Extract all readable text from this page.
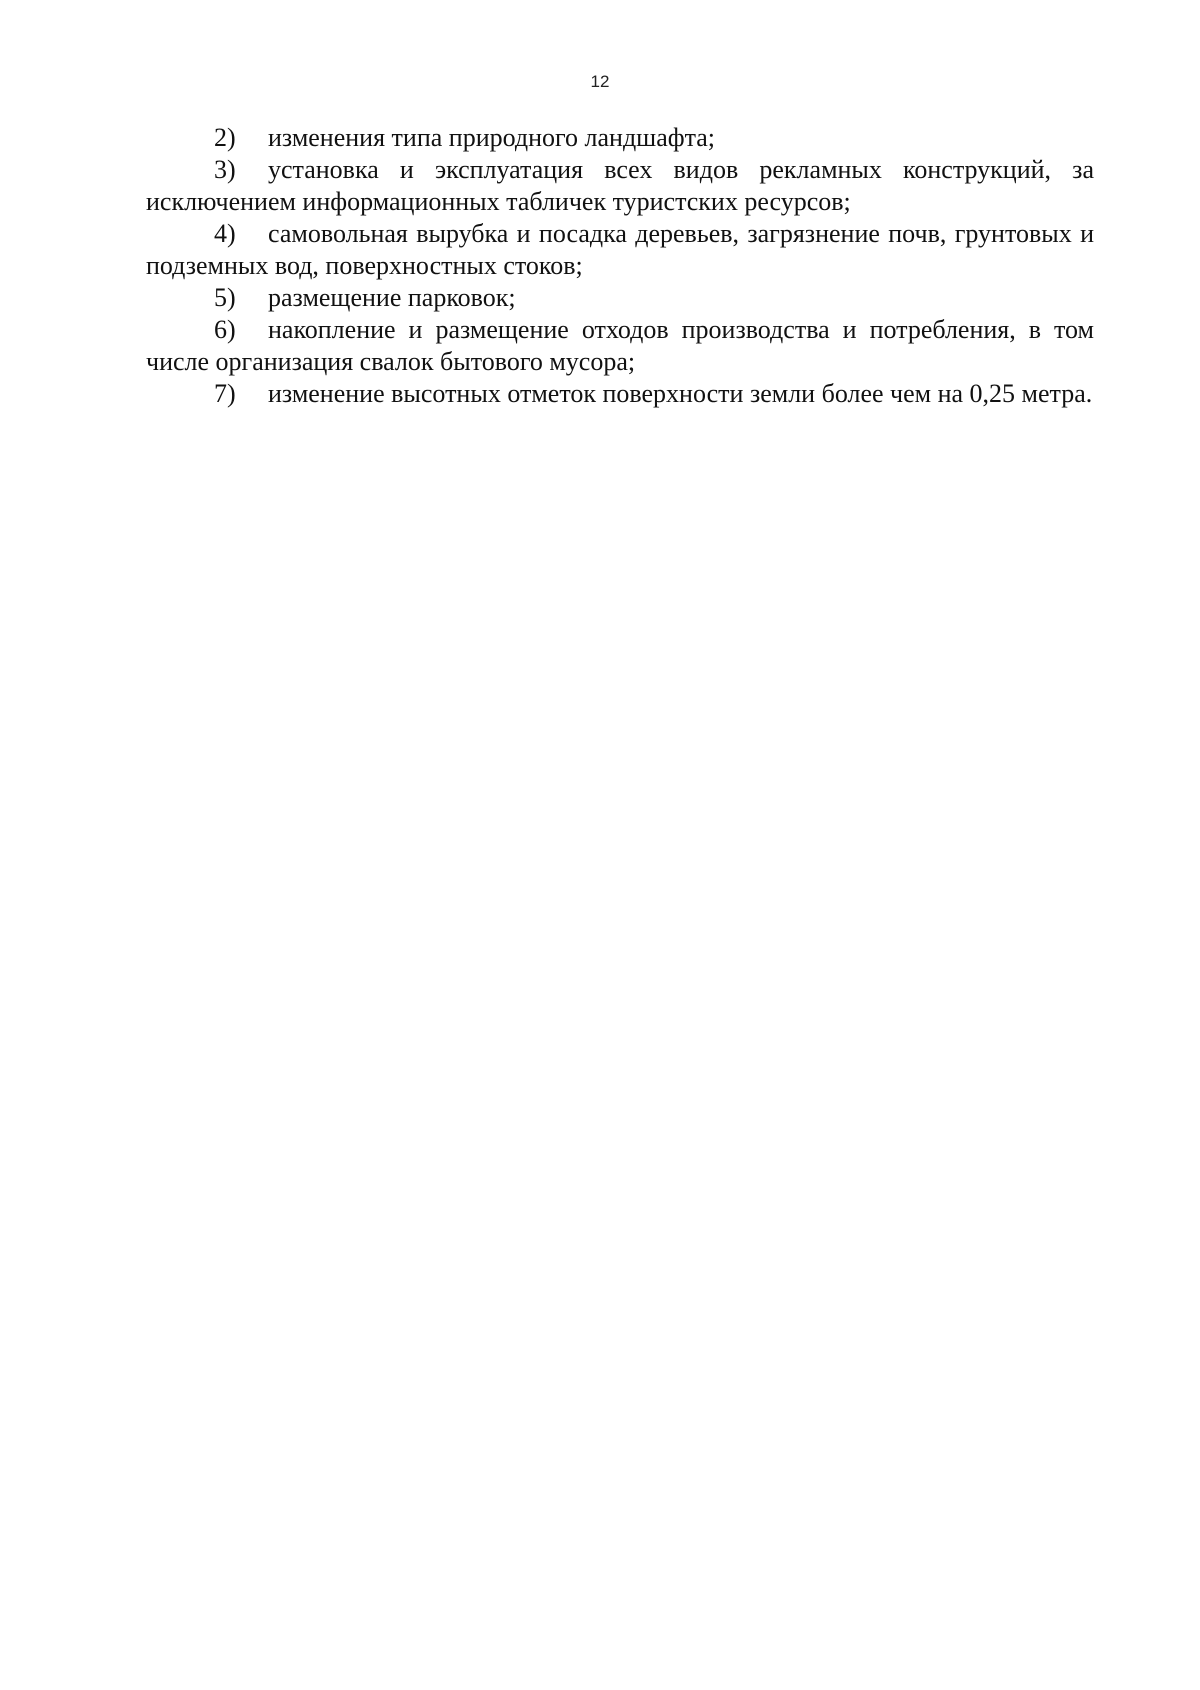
12

2) изменения типа природного ландшафта;

3) установка и эксплуатация всех видов рекламных конструкций, за исключением информационных табличек туристских ресурсов;

4) самовольная вырубка и посадка деревьев, загрязнение почв, грунтовых и подземных вод, поверхностных стоков;

5) размещение парковок;

6) накопление и размещение отходов производства и потребления, в том числе организация свалок бытового мусора;

7) изменение высотных отметок поверхности земли более чем на 0,25 метра.
